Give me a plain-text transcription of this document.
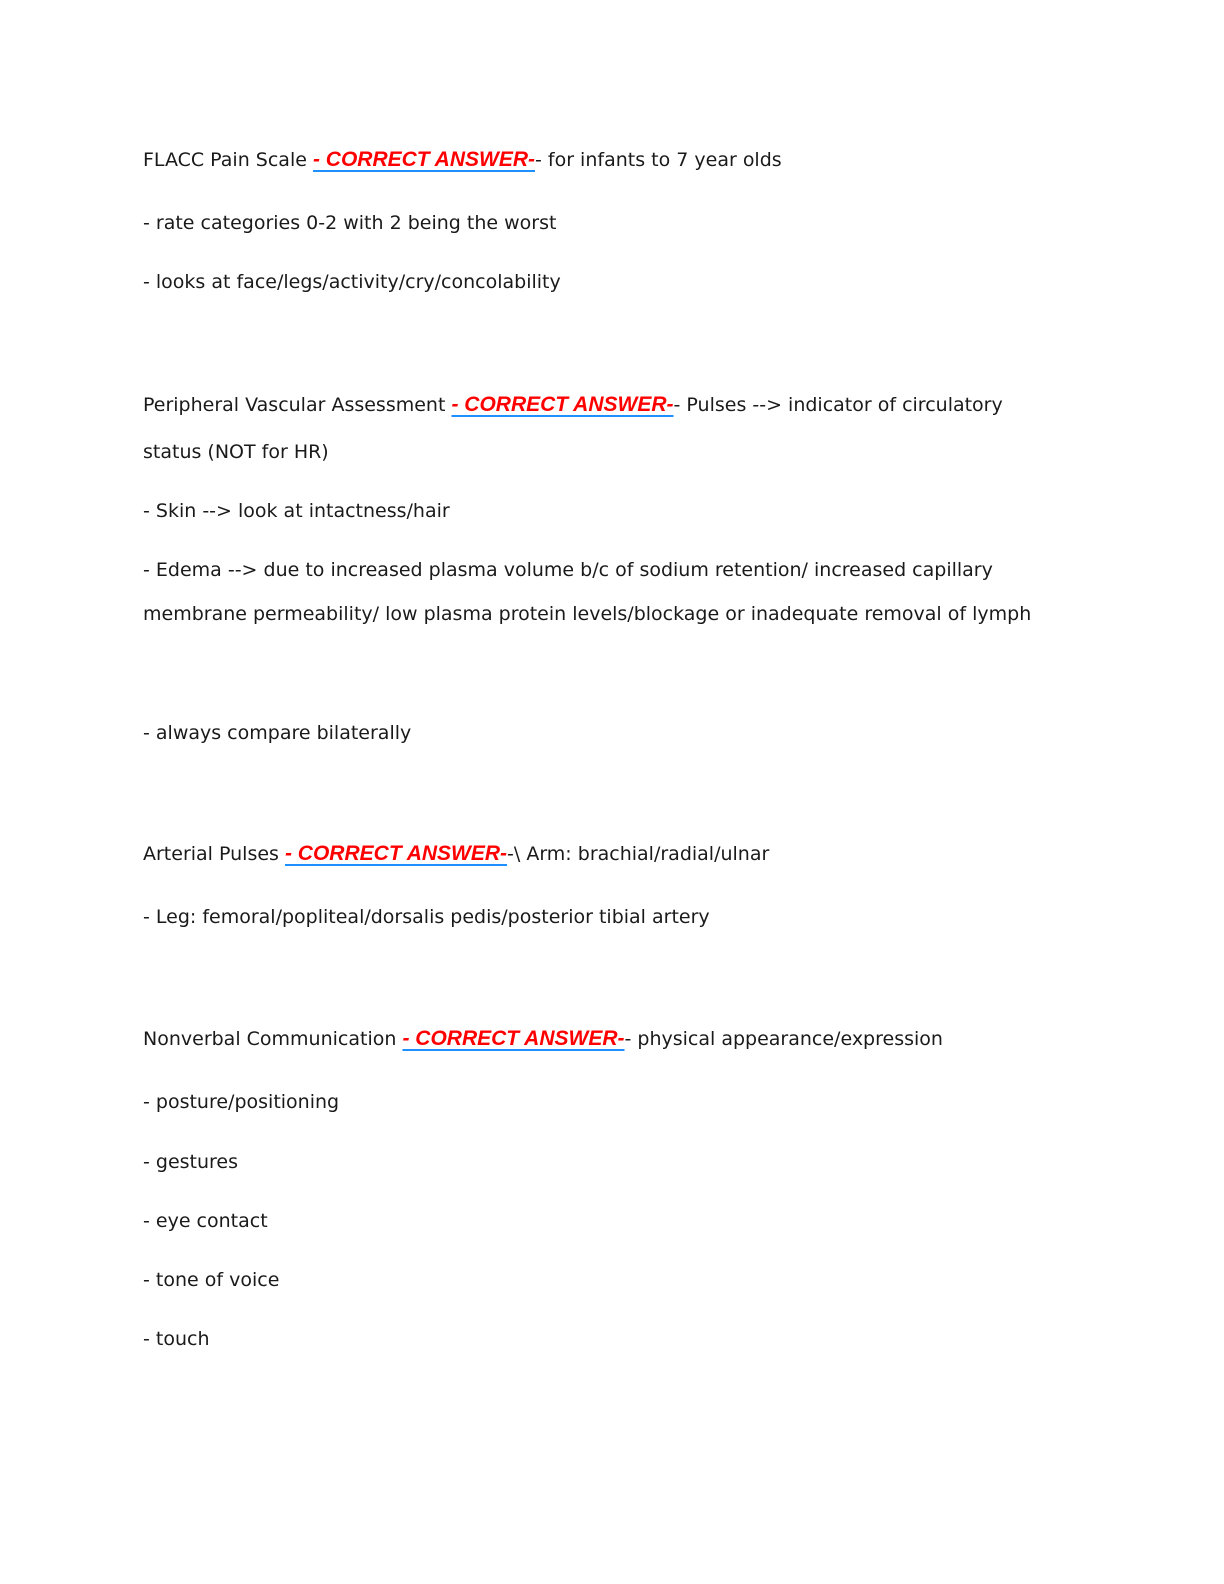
FLACC Pain Scale - CORRECT ANSWER-- for infants to 7 year olds
- rate categories 0-2 with 2 being the worst
- looks at face/legs/activity/cry/concolability
Peripheral Vascular Assessment - CORRECT ANSWER-- Pulses --> indicator of circulatory
status (NOT for HR)
- Skin --> look at intactness/hair
- Edema --> due to increased plasma volume b/c of sodium retention/ increased capillary
membrane permeability/ low plasma protein levels/blockage or inadequate removal of lymph
- always compare bilaterally
Arterial Pulses - CORRECT ANSWER--\ Arm: brachial/radial/ulnar
- Leg: femoral/popliteal/dorsalis pedis/posterior tibial artery
Nonverbal Communication - CORRECT ANSWER-- physical appearance/expression
- posture/positioning
- gestures
- eye contact
- tone of voice
- touch
